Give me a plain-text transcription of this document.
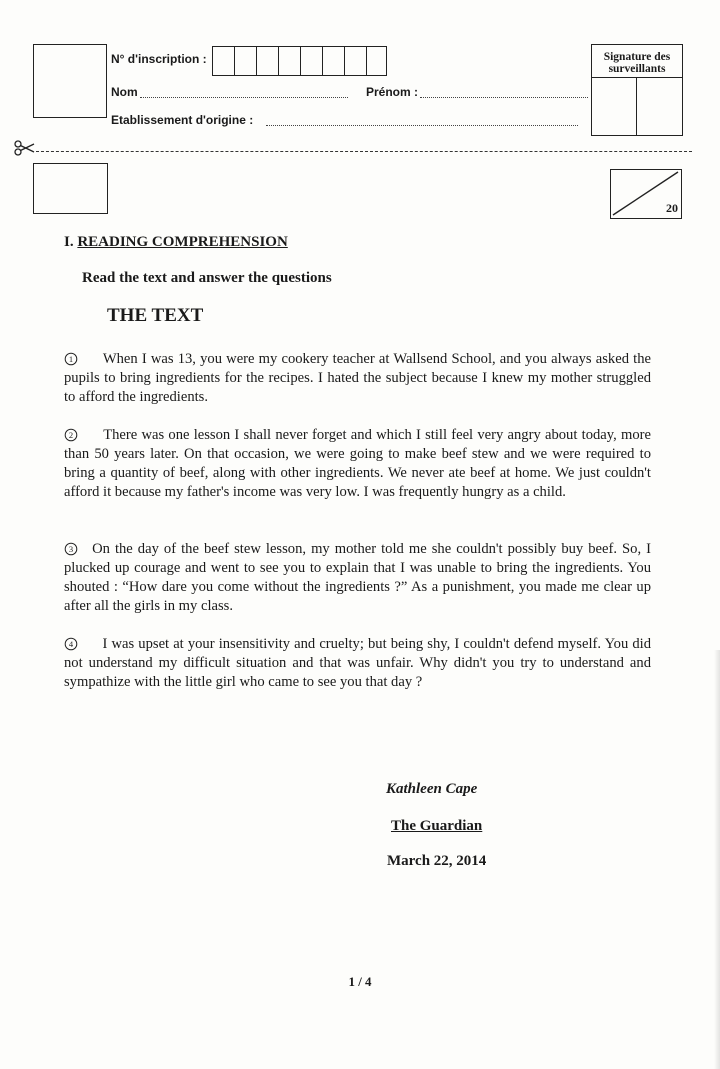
N° d'inscription :
Nom	Prénom :
Etablissement d'origine :
Signature des
surveillants
20
I. READING COMPREHENSION
Read the text and answer the questions
THE TEXT

1 When I was 13, you were my cookery teacher at Wallsend School, and you always asked the pupils to bring ingredients for the recipes. I hated the subject because I knew my mother struggled to afford the ingredients.

2 There was one lesson I shall never forget and which I still feel very angry about today, more than 50 years later. On that occasion, we were going to make beef stew and we were required to bring a quantity of beef, along with other ingredients. We never ate beef at home. We just couldn't afford it because my father's income was very low. I was frequently hungry as a child.

3 On the day of the beef stew lesson, my mother told me she couldn't possibly buy beef. So, I plucked up courage and went to see you to explain that I was unable to bring the ingredients. You shouted : “How dare you come without the ingredients ?” As a punishment, you made me clear up after all the girls in my class.

4 I was upset at your insensitivity and cruelty; but being shy, I couldn't defend myself. You did not understand my difficult situation and that was unfair. Why didn't you try to understand and sympathize with the little girl who came to see you that day ?

Kathleen Cape
The Guardian
March 22, 2014
1 / 4
